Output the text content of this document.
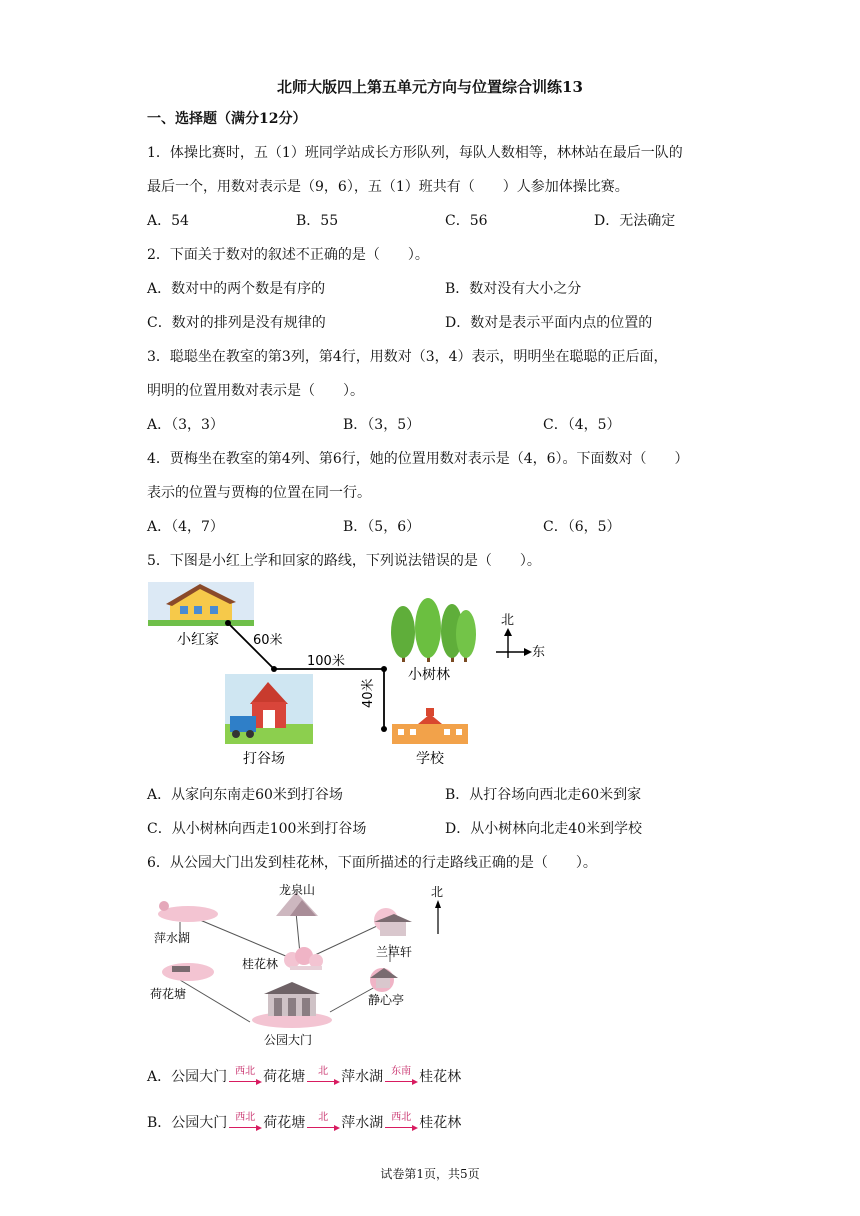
北师大版四上第五单元方向与位置综合训练13
一、选择题（满分12分）
1．体操比赛时，五（1）班同学站成长方形队列，每队人数相等，林林站在最后一队的
最后一个，用数对表示是（9，6），五（1）班共有（　　）人参加体操比赛。
A．54	B．55	C．56	D．无法确定
2．下面关于数对的叙述不正确的是（　　）。
A．数对中的两个数是有序的	B．数对没有大小之分
C．数对的排列是没有规律的	D．数对是表示平面内点的位置的
3．聪聪坐在教室的第3列，第4行，用数对（3，4）表示，明明坐在聪聪的正后面，
明明的位置用数对表示是（　　）。
A．（3，3）	B．（3，5）	C．（4，5）
4．贾梅坐在教室的第4列、第6行，她的位置用数对表示是（4，6）。下面数对（　　）
表示的位置与贾梅的位置在同一行。
A．（4，7）	B．（5，6）	C．（6，5）
5．下图是小红上学和回家的路线，下列说法错误的是（　　）。
小红家	60米
100米
40米
小树林
北
东
打谷场	学校
A．从家向东南走60米到打谷场	B．从打谷场向西北走60米到家
C．从小树林向西走100米到打谷场	D．从小树林向北走40米到学校
6．从公园大门出发到桂花林，下面所描述的行走路线正确的是（　　）。
萍水湖
龙泉山
桂花林
兰草轩
荷花塘	静心亭
公园大门
北
A． 公园大门 西北 荷花塘	北 萍水湖 东南 桂花林
B． 公园大门 西北 荷花塘	北 萍水湖 西北 桂花林
试卷第1页，共5页
